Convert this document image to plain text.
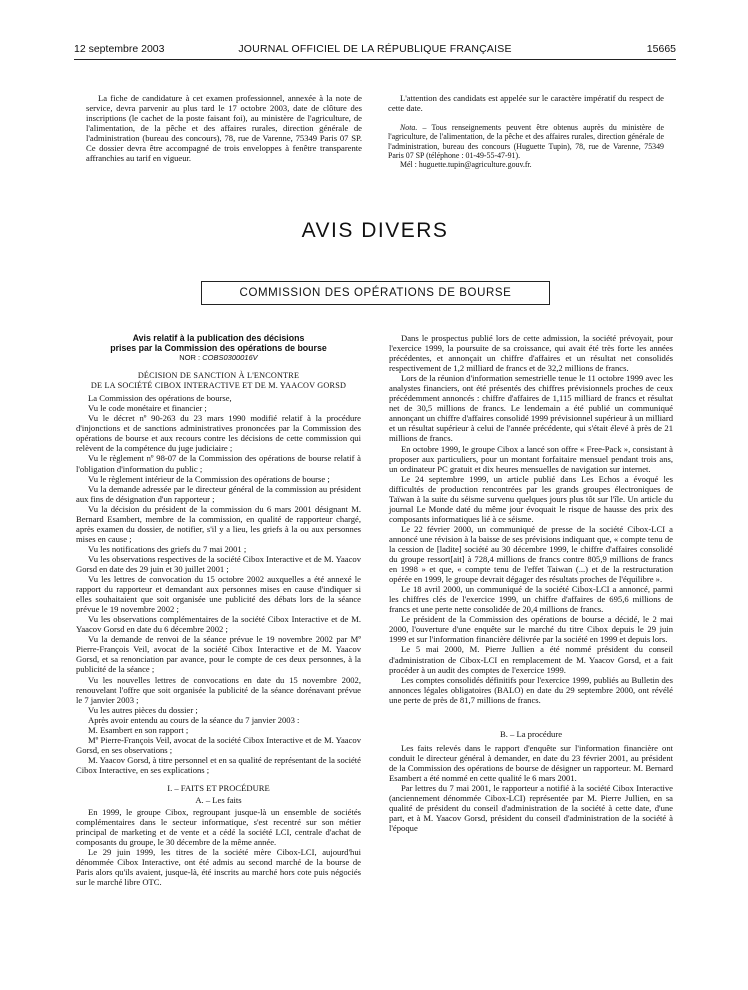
12 septembre 2003	JOURNAL OFFICIEL DE LA RÉPUBLIQUE FRANÇAISE	15665

La fiche de candidature à cet examen professionnel, annexée à la note de service, devra parvenir au plus tard le 17 octobre 2003, date de clôture des inscriptions (le cachet de la poste faisant foi), au ministère de l'agriculture, de l'alimentation, de la pêche et des affaires rurales, direction générale de l'administration (bureau des concours), 78, rue de Varenne, 75349 Paris 07 SP. Ce dossier devra être accompagné de trois enveloppes à fenêtre transparente affranchies au tarif en vigueur.

L'attention des candidats est appelée sur le caractère impératif du respect de cette date.

Nota. – Tous renseignements peuvent être obtenus auprès du ministère de l'agriculture, de l'alimentation, de la pêche et des affaires rurales, direction générale de l'administration, bureau des concours (Huguette Tupin), 78, rue de Varenne, 75349 Paris 07 SP (téléphone : 01-49-55-47-91).

Mél : huguette.tupin@agriculture.gouv.fr.

AVIS DIVERS
COMMISSION DES OPÉRATIONS DE BOURSE
Avis relatif à la publication des décisions
prises par la Commission des opérations de bourse
NOR : COBS0300016V
DÉCISION DE SANCTION À L'ENCONTRE
DE LA SOCIÉTÉ CIBOX INTERACTIVE ET DE M. YAACOV GORSD

La Commission des opérations de bourse,

Vu le code monétaire et financier ;

Vu le décret nº 90-263 du 23 mars 1990 modifié relatif à la procédure d'injonctions et de sanctions administratives prononcées par la Commission des opérations de bourse et aux recours contre les décisions de cette commission qui relèvent de la compétence du juge judiciaire ;

Vu le règlement nº 98-07 de la Commission des opérations de bourse relatif à l'obligation d'information du public ;

Vu le règlement intérieur de la Commission des opérations de bourse ;

Vu la demande adressée par le directeur général de la commission au président aux fins de désignation d'un rapporteur ;

Vu la décision du président de la commission du 6 mars 2001 désignant M. Bernard Esambert, membre de la commission, en qualité de rapporteur chargé, après examen du dossier, de notifier, s'il y a lieu, les griefs à la ou aux personnes mises en cause ;

Vu les notifications des griefs du 7 mai 2001 ;

Vu les observations respectives de la société Cibox Interactive et de M. Yaacov Gorsd en date des 29 juin et 30 juillet 2001 ;

Vu les lettres de convocation du 15 octobre 2002 auxquelles a été annexé le rapport du rapporteur et demandant aux personnes mises en cause d'indiquer si elles souhaitaient que soit organisée une publicité des débats lors de la séance prévue le 19 novembre 2002 ;

Vu les observations complémentaires de la société Cibox Interactive et de M. Yaacov Gorsd en date du 6 décembre 2002 ;

Vu la demande de renvoi de la séance prévue le 19 novembre 2002 par Mº Pierre-François Veil, avocat de la société Cibox Interactive et de M. Yaacov Gorsd, et sa renonciation par avance, pour le compte de ces deux personnes, à la publicité de la séance ;

Vu les nouvelles lettres de convocations en date du 15 novembre 2002, renouvelant l'offre que soit organisée la publicité de la séance dorénavant prévue le 7 janvier 2003 ;

Vu les autres pièces du dossier ;

Après avoir entendu au cours de la séance du 7 janvier 2003 :

M. Esambert en son rapport ;

Mº Pierre-François Veil, avocat de la société Cibox Interactive et de M. Yaacov Gorsd, en ses observations ;

M. Yaacov Gorsd, à titre personnel et en sa qualité de représentant de la société Cibox Interactive, en ses explications ;

I. – FAITS ET PROCÉDURE
A. – Les faits

En 1999, le groupe Cibox, regroupant jusque-là un ensemble de sociétés complémentaires dans le secteur informatique, s'est recentré sur son métier principal de marketing et de vente et a cédé la société LCI, centrale d'achat de composants du groupe, le 30 décembre de la même année.

Le 29 juin 1999, les titres de la société mère Cibox-LCI, aujourd'hui dénommée Cibox Interactive, ont été admis au second marché de la bourse de Paris alors qu'ils avaient, jusque-là, été inscrits au marché hors cote puis négociés sur le marché libre OTC.

Dans le prospectus publié lors de cette admission, la société prévoyait, pour l'exercice 1999, la poursuite de sa croissance, qui avait été très forte les années précédentes, et annonçait un chiffre d'affaires et un résultat net consolidés respectivement de 1,2 milliard de francs et de 32,2 millions de francs.

Lors de la réunion d'information semestrielle tenue le 11 octobre 1999 avec les analystes financiers, ont été présentés des chiffres prévisionnels proches de ceux précédemment annoncés : chiffre d'affaires de 1,115 milliard de francs et résultat net de 30,5 millions de francs. Le lendemain a été publié un communiqué annonçant un chiffre d'affaires consolidé 1999 prévisionnel supérieur à un milliard et un résultat supérieur à celui de l'année précédente, qui s'était élevé à près de 21 millions de francs.

En octobre 1999, le groupe Cibox a lancé son offre « Free-Pack », consistant à proposer aux particuliers, pour un montant forfaitaire mensuel pendant trois ans, un ordinateur PC gratuit et dix heures mensuelles de navigation sur internet.

Le 24 septembre 1999, un article publié dans Les Echos a évoqué les difficultés de production rencontrées par les grands groupes électroniques de Taïwan à la suite du séisme survenu quelques jours plus tôt sur l'île. Un article du journal Le Monde daté du même jour évoquait le risque de hausse des prix des composants informatiques lié à ce séisme.

Le 22 février 2000, un communiqué de presse de la société Cibox-LCI a annoncé une révision à la baisse de ses prévisions indiquant que, « compte tenu de la cession de [ladite] société au 30 décembre 1999, le chiffre d'affaires consolidé du groupe ressort[ait] à 728,4 millions de francs contre 805,9 millions de francs en 1998 » et que, « compte tenu de l'effet Taiwan (...) et de la restructuration opérée en 1999, le groupe devrait dégager des résultats proches de l'équilibre ».

Le 18 avril 2000, un communiqué de la société Cibox-LCI a annoncé, parmi les chiffres clés de l'exercice 1999, un chiffre d'affaires de 695,6 millions de francs et une perte nette consolidée de 20,4 millions de francs.

Le président de la Commission des opérations de bourse a décidé, le 2 mai 2000, l'ouverture d'une enquête sur le marché du titre Cibox depuis le 29 juin 1999 et sur l'information financière délivrée par la société en 1999 et depuis lors.

Le 5 mai 2000, M. Pierre Jullien a été nommé président du conseil d'administration de Cibox-LCI en remplacement de M. Yaacov Gorsd, et a fait procéder à un audit des comptes de l'exercice 1999.

Les comptes consolidés définitifs pour l'exercice 1999, publiés au Bulletin des annonces légales obligatoires (BALO) en date du 29 septembre 2000, ont révélé une perte de près de 81,7 millions de francs.

B. – La procédure

Les faits relevés dans le rapport d'enquête sur l'information financière ont conduit le directeur général à demander, en date du 23 février 2001, au président de la Commission des opérations de bourse de désigner un rapporteur. M. Bernard Esambert a été nommé en cette qualité le 6 mars 2001.

Par lettres du 7 mai 2001, le rapporteur a notifié à la société Cibox Interactive (anciennement dénommée Cibox-LCI) représentée par M. Pierre Jullien, en sa qualité de président du conseil d'administration de la société à cette date, d'une part, et à M. Yaacov Gorsd, président du conseil d'administration de la société à l'époque
